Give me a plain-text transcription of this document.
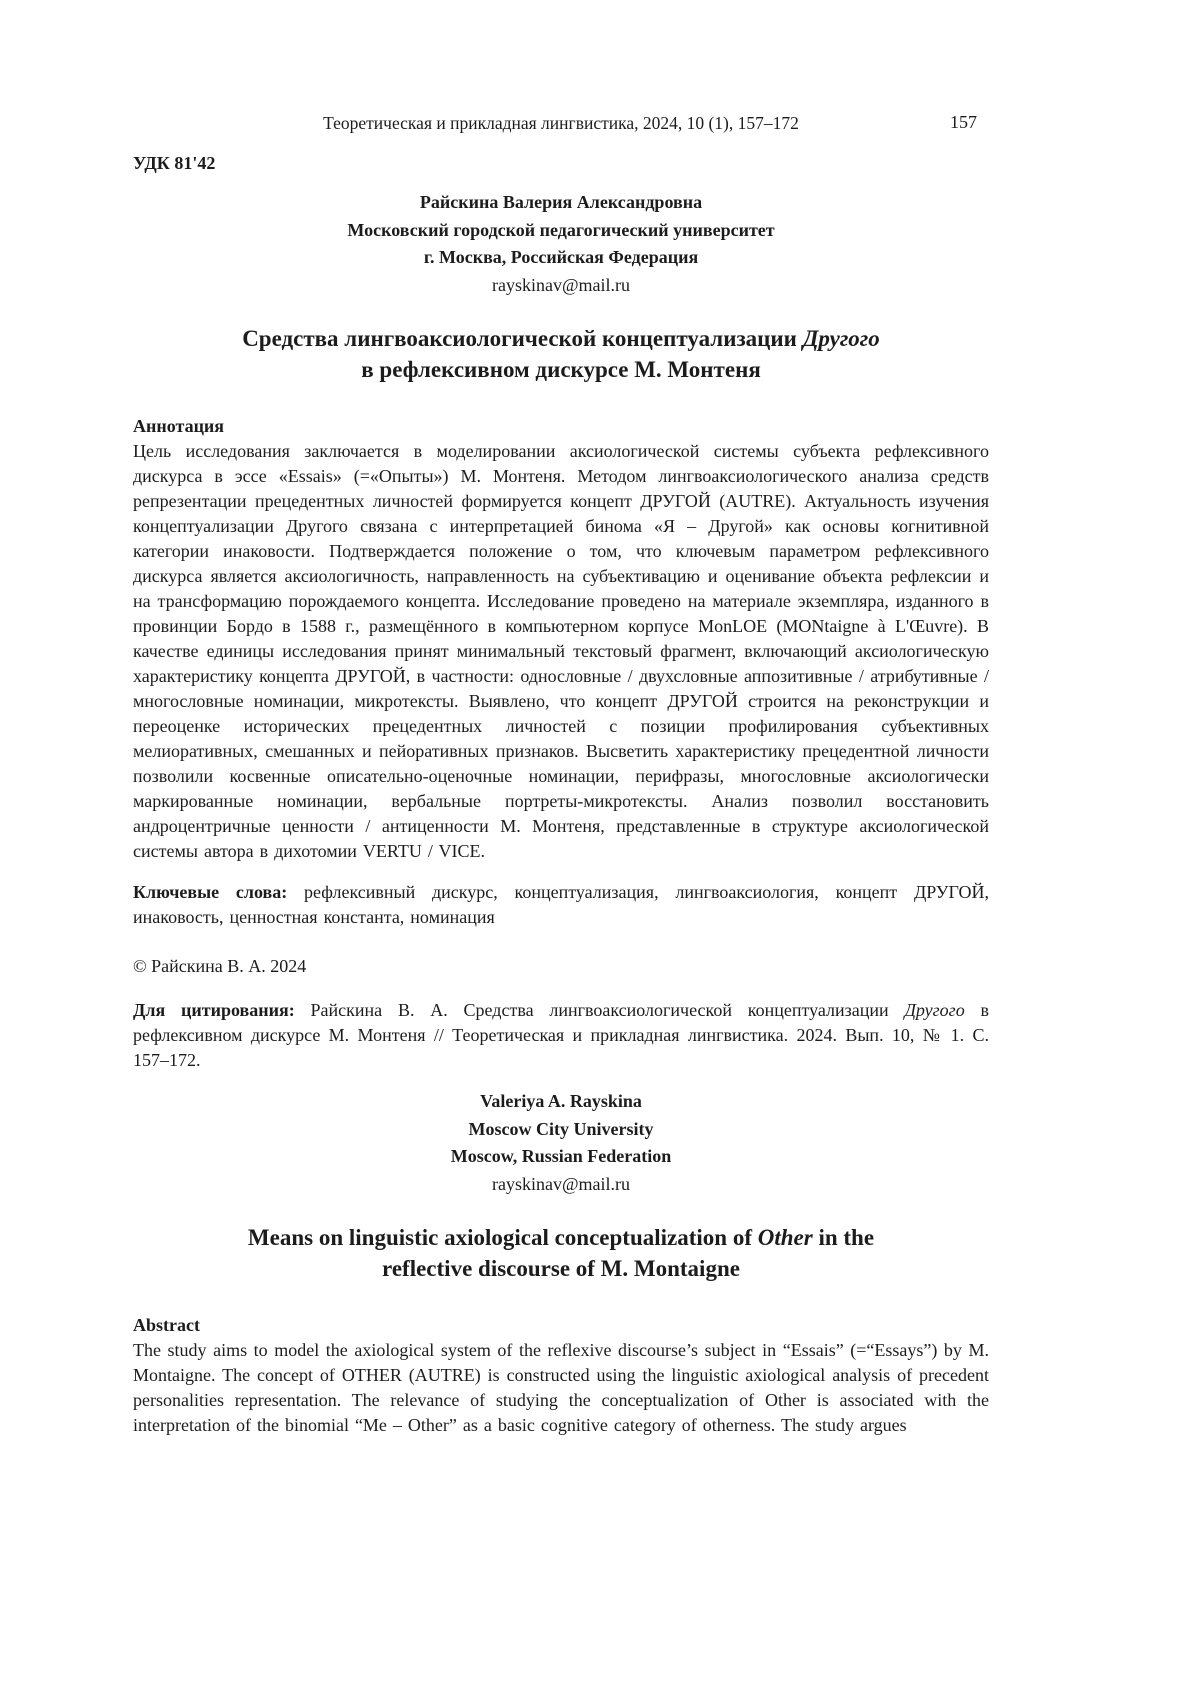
Теоретическая и прикладная лингвистика, 2024, 10 (1), 157–172	157
УДК 81'42
Райскина Валерия Александровна
Московский городской педагогический университет
г. Москва, Российская Федерация
rayskinav@mail.ru
Средства лингвоаксиологической концептуализации Другого
в рефлексивном дискурсе М. Монтеня
Аннотация

Цель исследования заключается в моделировании аксиологической системы субъекта рефлексивного дискурса в эссе «Essais» (=«Опыты») М. Монтеня. Методом лингвоаксиологического анализа средств репрезентации прецедентных личностей формируется концепт ДРУГОЙ (AUTRE). Актуальность изучения концептуализации Другого связана с интерпретацией бинома «Я – Другой» как основы когнитивной категории инаковости. Подтверждается положение о том, что ключевым параметром рефлексивного дискурса является аксиологичность, направленность на субъективацию и оценивание объекта рефлексии и на трансформацию порождаемого концепта. Исследование проведено на материале экземпляра, изданного в провинции Бордо в 1588 г., размещённого в компьютерном корпусе MonLOE (MONtaigne à L'Œuvre). В качестве единицы исследования принят минимальный текстовый фрагмент, включающий аксиологическую характеристику концепта ДРУГОЙ, в частности: однословные / двухсловные аппозитивные / атрибутивные / многословные номинации, микротексты. Выявлено, что концепт ДРУГОЙ строится на реконструкции и переоценке исторических прецедентных личностей с позиции профилирования субъективных мелиоративных, смешанных и пейоративных признаков. Высветить характеристику прецедентной личности позволили косвенные описательно-оценочные номинации, перифразы, многословные аксиологически маркированные номинации, вербальные портреты-микротексты. Анализ позволил восстановить андроцентричные ценности / антиценности М. Монтеня, представленные в структуре аксиологической системы автора в дихотомии VERTU / VICE.

Ключевые слова: рефлексивный дискурс, концептуализация, лингвоаксиология, концепт ДРУГОЙ, инаковость, ценностная константа, номинация

© Райскина В. А. 2024

Для цитирования: Райскина В. А. Средства лингвоаксиологической концептуализации Другого в рефлексивном дискурсе М. Монтеня // Теоретическая и прикладная лингвистика. 2024. Вып. 10, № 1. С. 157–172.

Valeriya A. Rayskina
Moscow City University
Moscow, Russian Federation
rayskinav@mail.ru
Means on linguistic axiological conceptualization of Other in the
reflective discourse of M. Montaigne
Abstract

The study aims to model the axiological system of the reflexive discourse’s subject in “Essais” (=“Essays”) by M. Montaigne. The concept of OTHER (AUTRE) is constructed using the linguistic axiological analysis of precedent personalities representation. The relevance of studying the conceptualization of Other is associated with the interpretation of the binomial “Me – Other” as a basic cognitive category of otherness. The study argues
